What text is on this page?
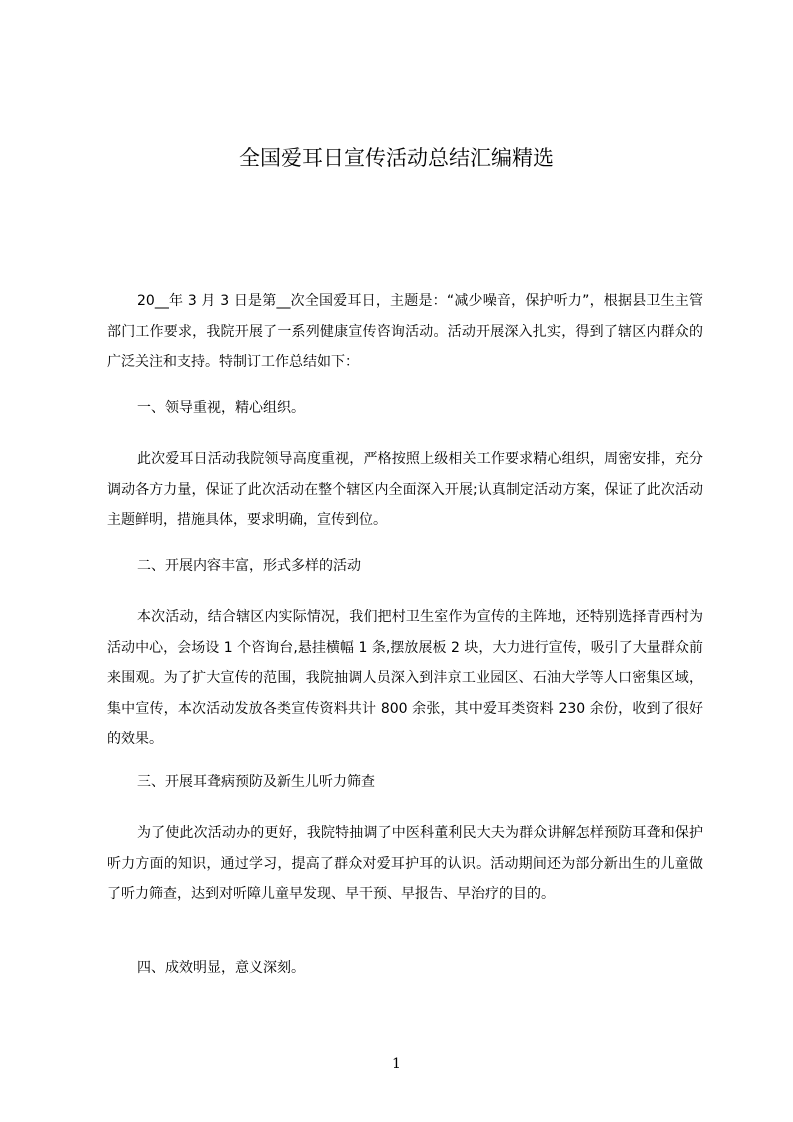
全国爱耳日宣传活动总结汇编精选

20__年 3 月 3 日是第__次全国爱耳日，主题是：“减少噪音，保护听力”，根据县卫生主管部门工作要求，我院开展了一系列健康宣传咨询活动。活动开展深入扎实，得到了辖区内群众的广泛关注和支持。特制订工作总结如下：

一、领导重视，精心组织。

此次爱耳日活动我院领导高度重视，严格按照上级相关工作要求精心组织，周密安排，充分调动各方力量，保证了此次活动在整个辖区内全面深入开展;认真制定活动方案，保证了此次活动主题鲜明，措施具体，要求明确，宣传到位。

二、开展内容丰富，形式多样的活动

本次活动，结合辖区内实际情况，我们把村卫生室作为宣传的主阵地，还特别选择青西村为活动中心，会场设 1 个咨询台,悬挂横幅 1 条,摆放展板 2 块，大力进行宣传，吸引了大量群众前来围观。为了扩大宣传的范围，我院抽调人员深入到沣京工业园区、石油大学等人口密集区域，集中宣传，本次活动发放各类宣传资料共计 800 余张，其中爱耳类资料 230 余份，收到了很好的效果。

三、开展耳聋病预防及新生儿听力筛查

为了使此次活动办的更好，我院特抽调了中医科董利民大夫为群众讲解怎样预防耳聋和保护听力方面的知识，通过学习，提高了群众对爱耳护耳的认识。活动期间还为部分新出生的儿童做了听力筛查，达到对听障儿童早发现、早干预、早报告、早治疗的目的。

四、成效明显，意义深刻。

1
